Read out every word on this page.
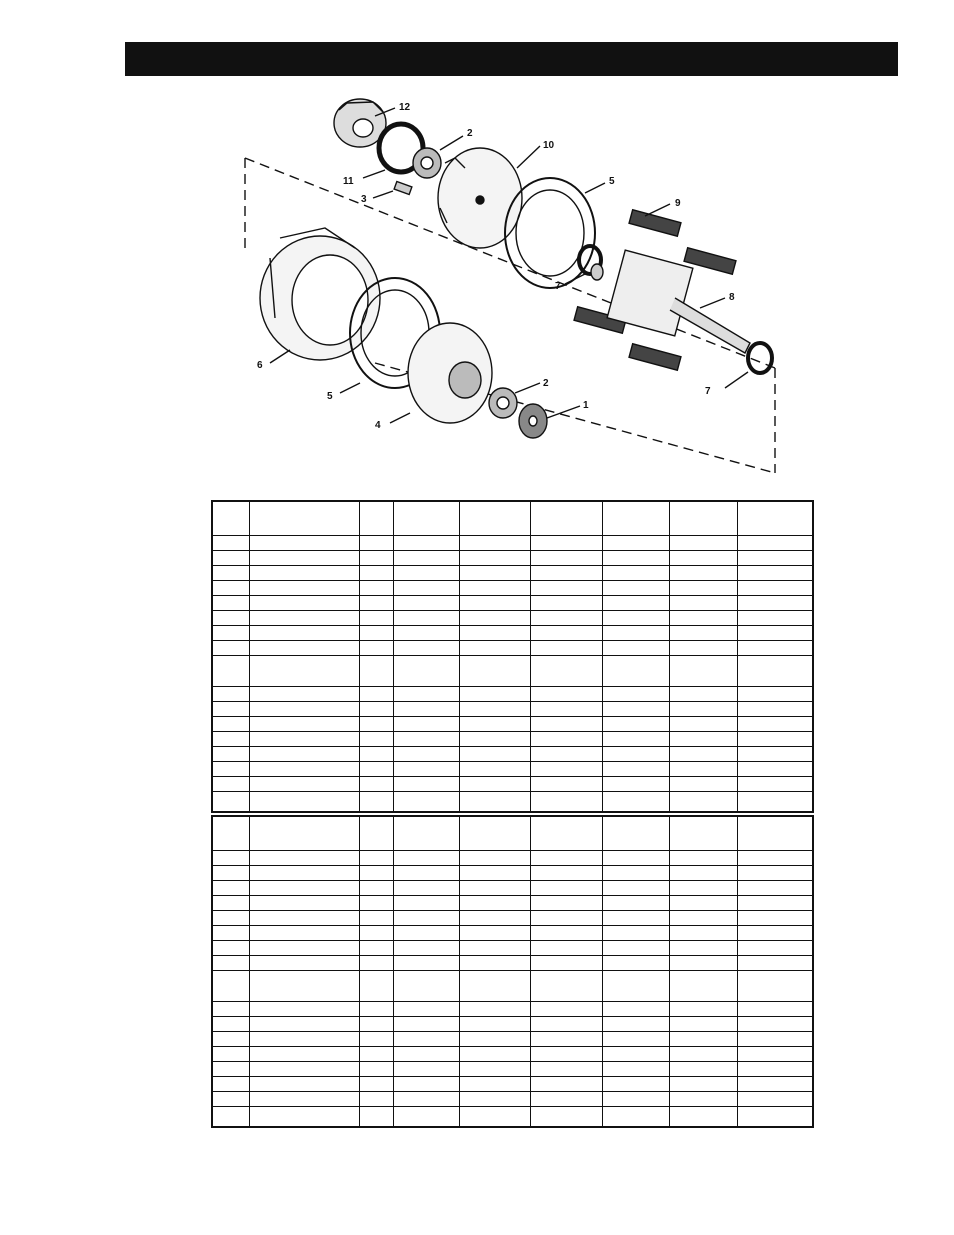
12
2
10
11
3
5
9
7
8
6
5
4
2
1
7
